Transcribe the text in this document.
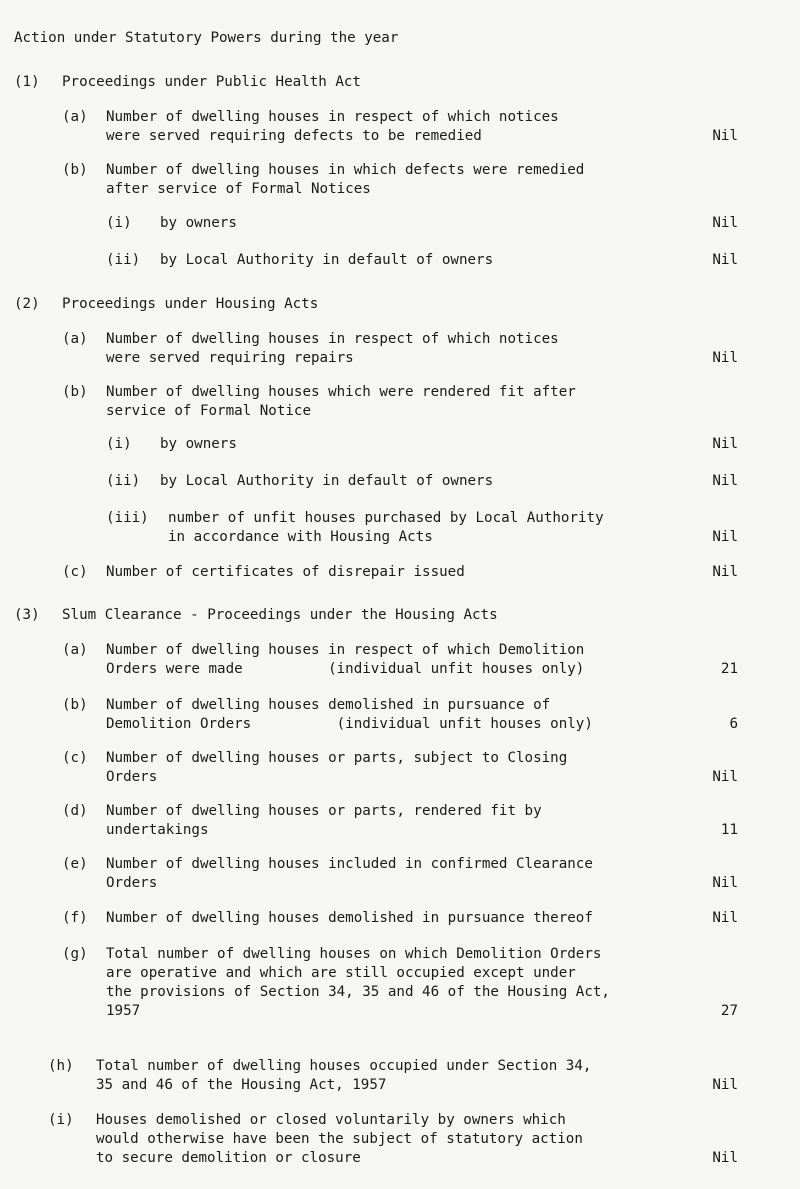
Action under Statutory Powers during the year
(1) Proceedings under Public Health Act
(a) Number of dwelling houses in respect of which notices
were served requiring defects to be remedied	Nil
(b) Number of dwelling houses in which defects were remedied
after service of Formal Notices
(i) by owners	Nil
(ii) by Local Authority in default of owners	Nil
(2) Proceedings under Housing Acts
(a) Number of dwelling houses in respect of which notices
were served requiring repairs	Nil
(b) Number of dwelling houses which were rendered fit after
service of Formal Notice
(i) by owners	Nil
(ii) by Local Authority in default of owners	Nil
(iii) number of unfit houses purchased by Local Authority
in accordance with Housing Acts	Nil
(c) Number of certificates of disrepair issued	Nil
(3) Slum Clearance - Proceedings under the Housing Acts
(a) Number of dwelling houses in respect of which Demolition
Orders were made          (individual unfit houses only)	21
(b) Number of dwelling houses demolished in pursuance of
Demolition Orders          (individual unfit houses only)	6
(c) Number of dwelling houses or parts, subject to Closing
Orders	Nil
(d) Number of dwelling houses or parts, rendered fit by
undertakings	11
(e) Number of dwelling houses included in confirmed Clearance
Orders	Nil
(f) Number of dwelling houses demolished in pursuance thereof	Nil
(g) Total number of dwelling houses on which Demolition Orders
are operative and which are still occupied except under
the provisions of Section 34, 35 and 46 of the Housing Act,
1957	27
(h) Total number of dwelling houses occupied under Section 34,
35 and 46 of the Housing Act, 1957	Nil
(i) Houses demolished or closed voluntarily by owners which
would otherwise have been the subject of statutory action
to secure demolition or closure	Nil
